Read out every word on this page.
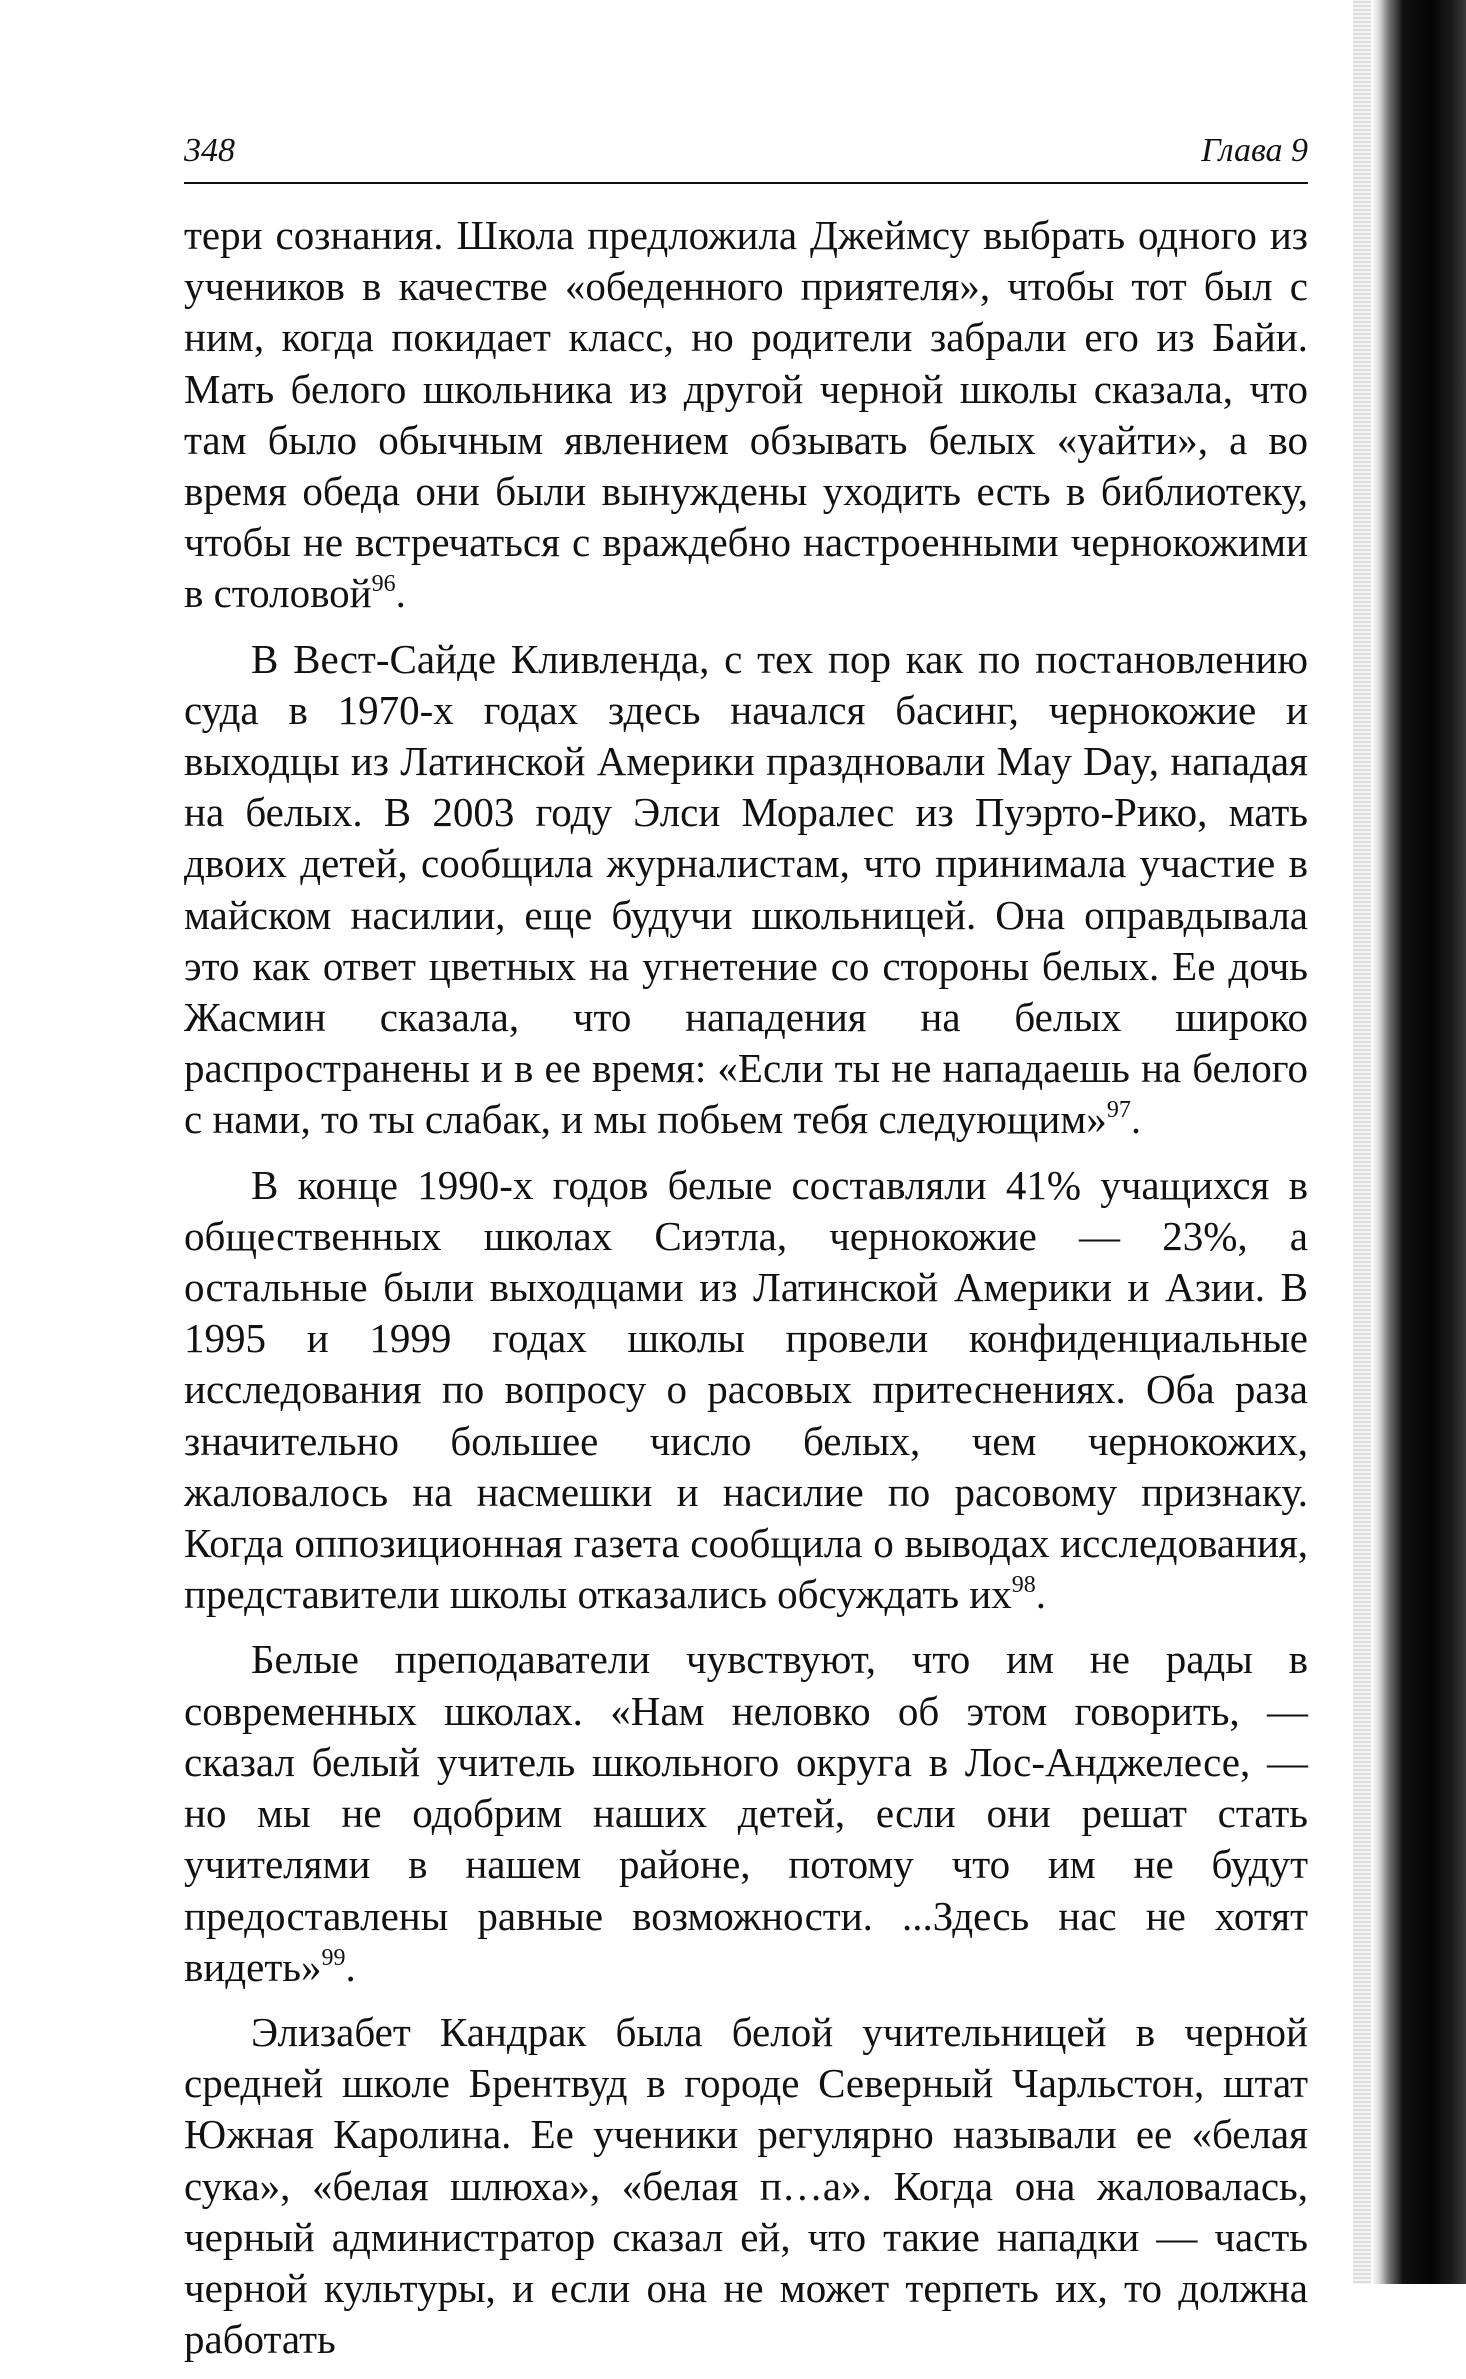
348	Глава 9

тери сознания. Школа предложила Джеймсу выбрать одного из учеников в качестве «обеденного приятеля», чтобы тот был с ним, когда покидает класс, но родители забрали его из Байи. Мать белого школьника из другой черной школы сказала, что там было обычным явлением обзывать белых «уайти», а во время обеда они были вынуждены уходить есть в библиотеку, чтобы не встречаться с враждебно настроенными чернокожими в столовой$^{96}$.

В Вест-Сайде Кливленда, с тех пор как по постановлению суда в 1970-х годах здесь начался басинг, чернокожие и выходцы из Латинской Америки праздновали May Day, нападая на белых. В 2003 году Элси Моралес из Пуэрто-Рико, мать двоих детей, сообщила журналистам, что принимала участие в майском насилии, еще будучи школьницей. Она оправдывала это как ответ цветных на угнетение со стороны белых. Ее дочь Жасмин сказала, что нападения на белых широко распространены и в ее время: «Если ты не нападаешь на белого с нами, то ты слабак, и мы побьем тебя следующим»$^{97}$.

В конце 1990-х годов белые составляли 41% учащихся в общественных школах Сиэтла, чернокожие — 23%, а остальные были выходцами из Латинской Америки и Азии. В 1995 и 1999 годах школы провели конфиденциальные исследования по вопросу о расовых притеснениях. Оба раза значительно большее число белых, чем чернокожих, жаловалось на насмешки и насилие по расовому признаку. Когда оппозиционная газета сообщила о выводах исследования, представители школы отказались обсуждать $их^{98}$.

Белые преподаватели чувствуют, что им не рады в современных школах. «Нам неловко об этом говорить, — сказал белый учитель школьного округа в Лос-Анджелесе, — но мы не одобрим наших детей, если они решат стать учителями в нашем районе, потому что им не будут предоставлены равные возможности. ...Здесь нас не хотят видеть»$^{99}$.

Элизабет Кандрак была белой учительницей в черной средней школе Брентвуд в городе Северный Чарльстон, штат Южная Каролина. Ее ученики регулярно называли ее «белая сука», «белая шлюха», «белая п…а». Когда она жаловалась, черный администратор сказал ей, что такие нападки — часть черной культуры, и если она не может терпеть их, то должна работать
